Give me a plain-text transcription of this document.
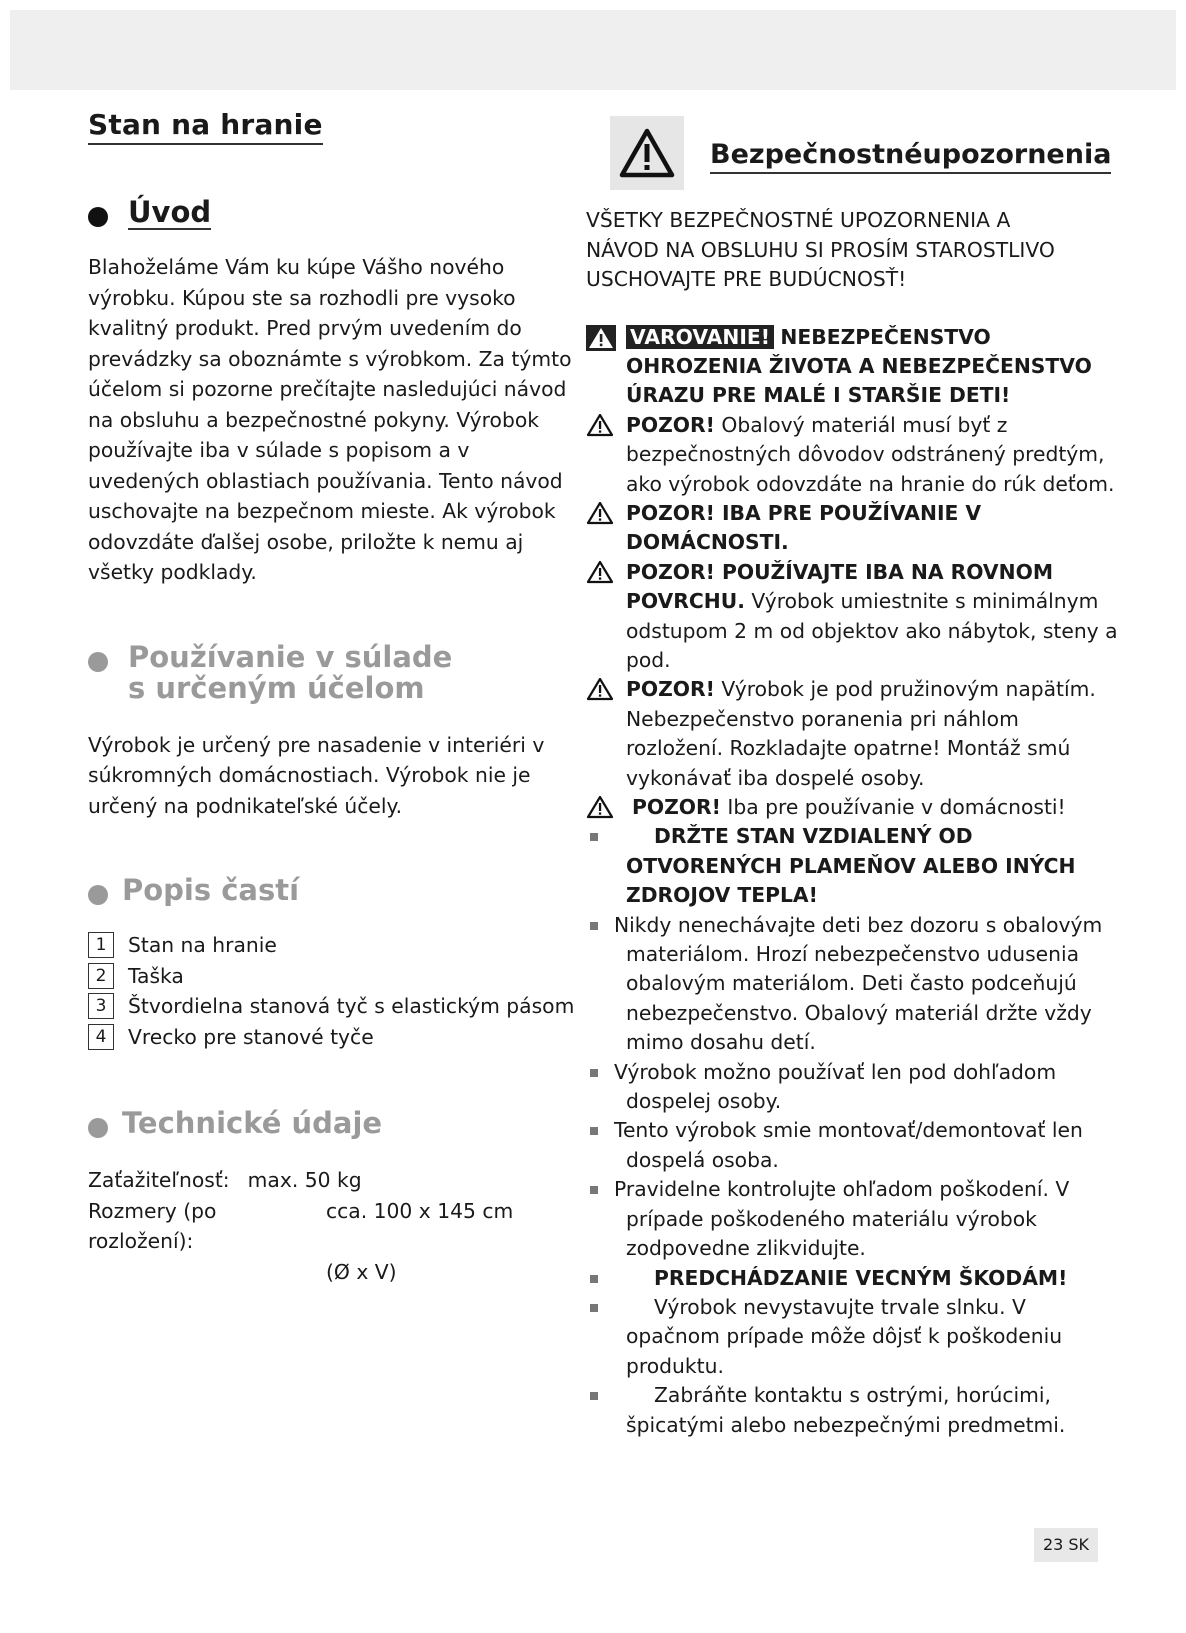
Stan na hranie
Úvod

Blahoželáme Vám ku kúpe Vášho nového výrobku. Kúpou ste sa rozhodli pre vysoko kvalitný produkt. Pred prvým uvedením do prevádzky sa oboznámte s výrobkom. Za týmto účelom si pozorne prečítajte nasledujúci návod na obsluhu a bezpečnostné pokyny. Výrobok používajte iba v súlade s popisom a v uvedených oblastiach používania. Tento návod uschovajte na bezpečnom mieste. Ak výrobok odovzdáte ďalšej osobe, priložte k nemu aj všetky podklady.

Používanie v súlade
s určeným účelom

Výrobok je určený pre nasadenie v interiéri v súkromných domácnostiach. Výrobok nie je určený na podnikateľské účely.

Popis častí
1	Stan na hranie
2	Taška
3	Štvordielna stanová tyč s elastickým pásom
4	Vrecko pre stanové tyče
Technické údaje
Zaťažiteľnosť: max. 50 kg
Rozmery (po rozložení):
cca. 100 x 145 cm
(Ø x V)
Bezpečnostnéupozornenia

VŠETKY BEZPEČNOSTNÉ UPOZORNENIA A NÁVOD NA OBSLUHU SI PROSÍM STAROSTLIVO USCHOVAJTE PRE BUDÚCNOSŤ!

VAROVANIE! NEBEZPEČENSTVO OHROZENIA ŽIVOTA A NEBEZPEČENSTVO ÚRAZU PRE MALÉ I STARŠIE DETI!
POZOR! Obalový materiál musí byť z bezpečnostných dôvodov odstránený predtým, ako výrobok odovzdáte na hranie do rúk deťom.
POZOR! IBA PRE POUŽÍVANIE V DOMÁCNOSTI.
POZOR! POUŽÍVAJTE IBA NA ROVNOM POVRCHU. Výrobok umiestnite s minimálnym odstupom 2 m od objektov ako nábytok, steny a pod.
POZOR! Výrobok je pod pružinovým napätím. Nebezpečenstvo poranenia pri náhlom rozložení. Rozkladajte opatrne! Montáž smú vykonávať iba dospelé osoby.
POZOR! Iba pre používanie v domácnosti!
DRŽTE STAN VZDIALENÝ OD OTVORENÝCH PLAMEŇOV ALEBO INÝCH ZDROJOV TEPLA!
Nikdy nenechávajte deti bez dozoru s obalovým materiálom. Hrozí nebezpečenstvo udusenia obalovým materiálom. Deti často podceňujú nebezpečenstvo. Obalový materiál držte vždy mimo dosahu detí.
Výrobok možno používať len pod dohľadom dospelej osoby.
Tento výrobok smie montovať/demontovať len dospelá osoba.
Pravidelne kontrolujte ohľadom poškodení. V prípade poškodeného materiálu výrobok zodpovedne zlikvidujte.
PREDCHÁDZANIE VECNÝM ŠKODÁM!
Výrobok nevystavujte trvale slnku. V opačnom prípade môže dôjsť k poškodeniu produktu.
Zabráňte kontaktu s ostrými, horúcimi, špicatými alebo nebezpečnými predmetmi.
23 SK
